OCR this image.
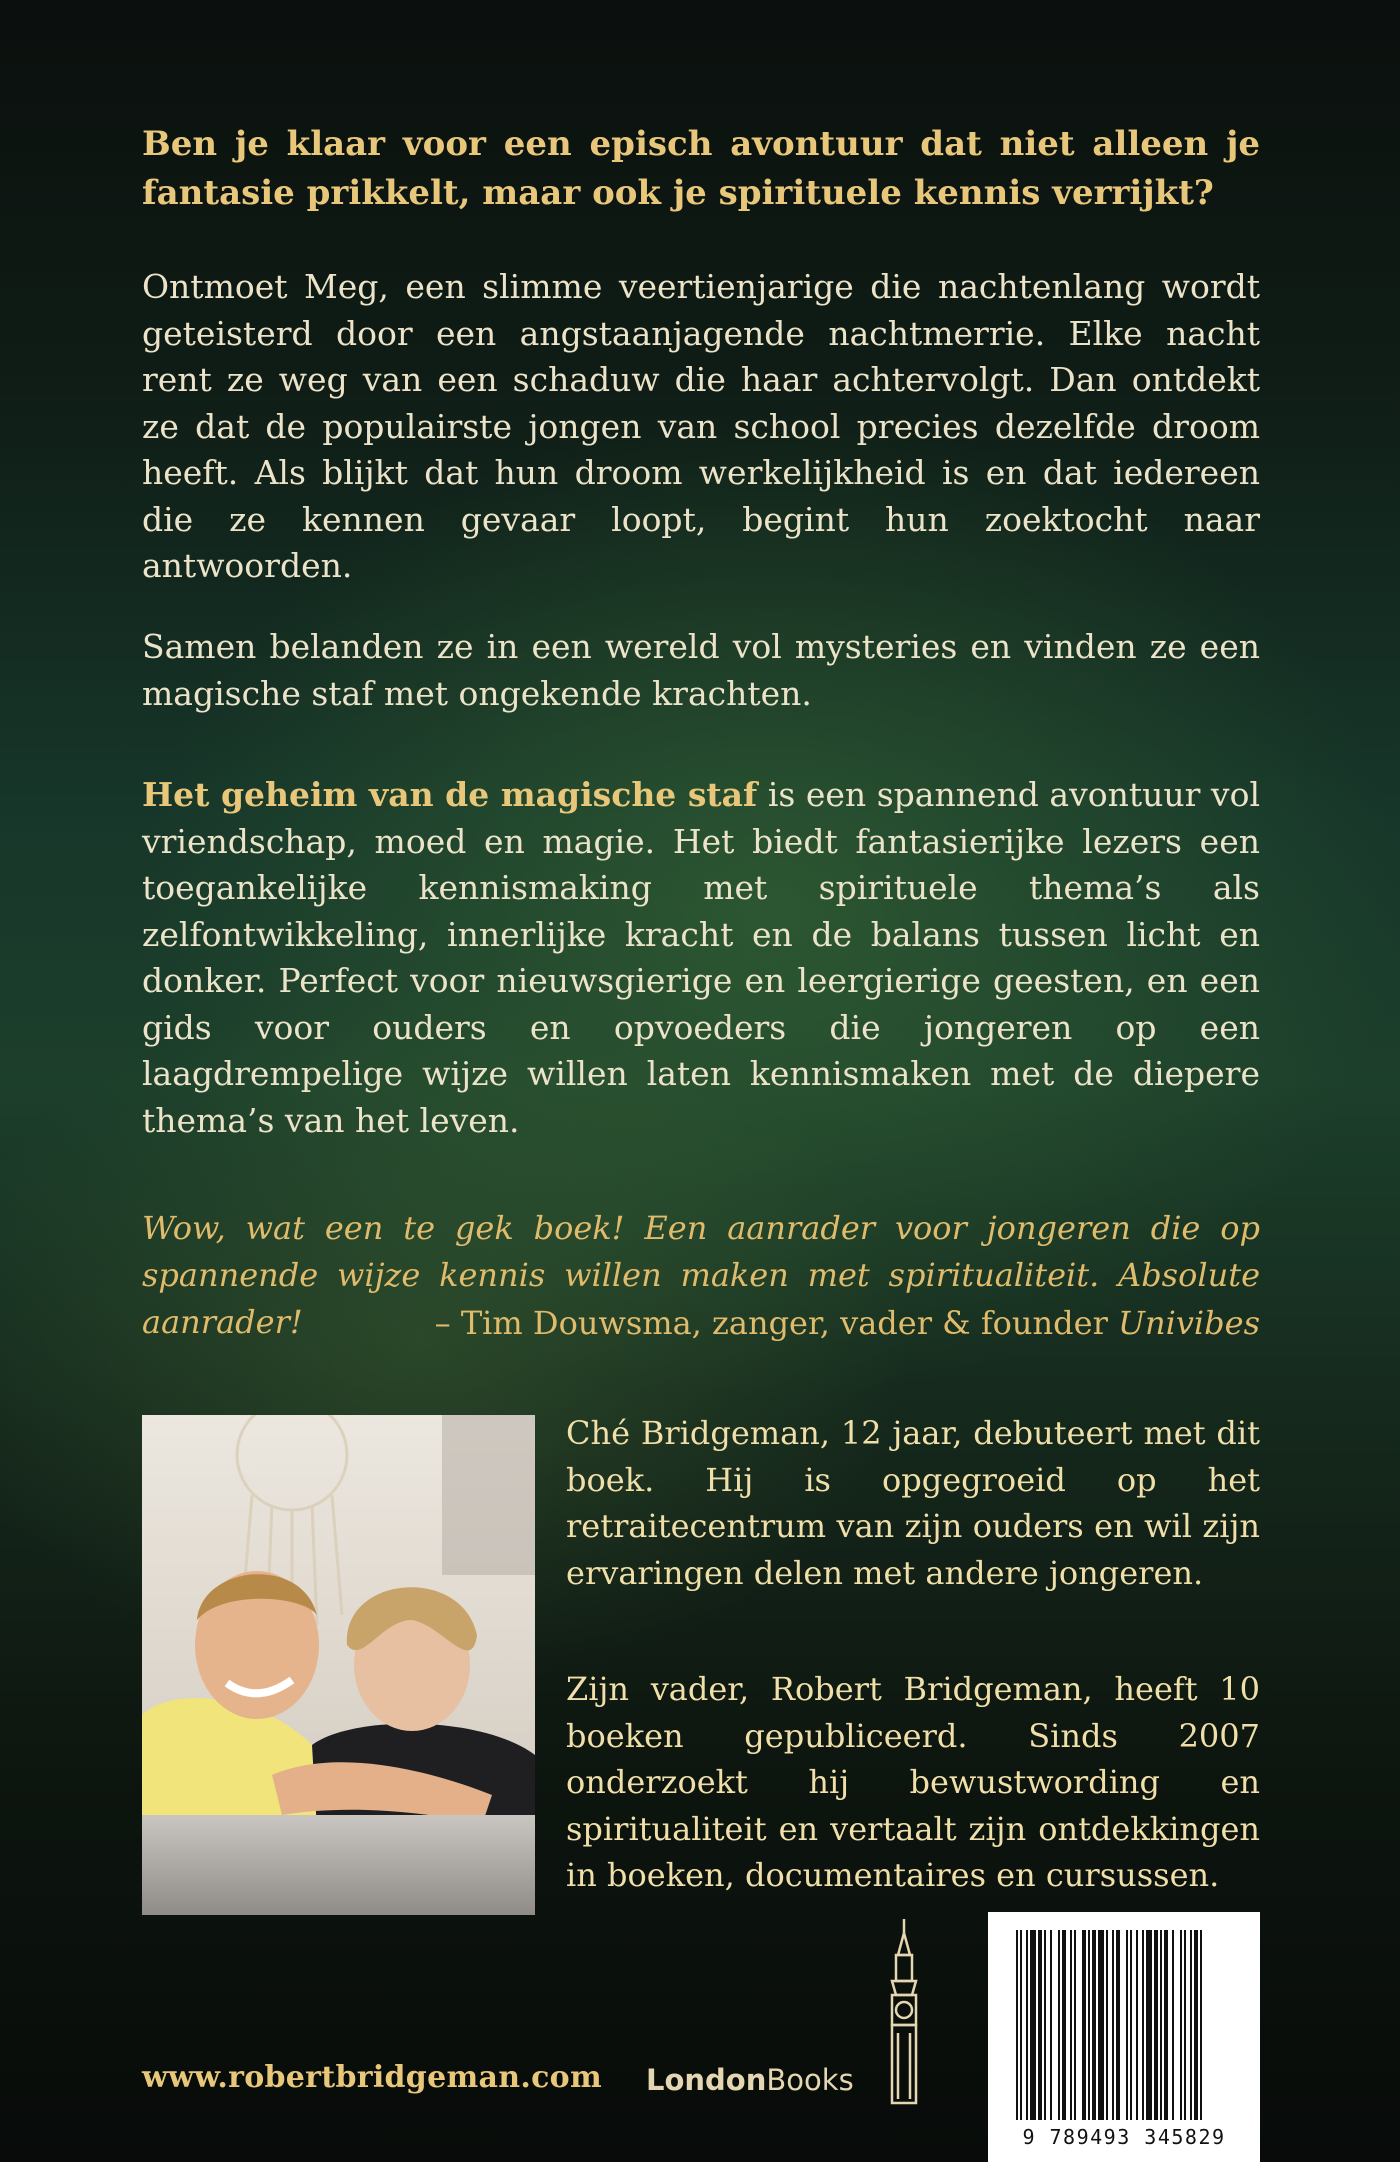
Ben je klaar voor een episch avontuur dat niet alleen je fantasie prikkelt, maar ook je spirituele kennis verrijkt?
Ontmoet Meg, een slimme veertienjarige die nachtenlang wordt geteisterd door een angstaanjagende nachtmerrie. Elke nacht rent ze weg van een schaduw die haar achtervolgt. Dan ontdekt ze dat de populairste jongen van school precies dezelfde droom heeft. Als blijkt dat hun droom werkelijkheid is en dat iedereen die ze kennen gevaar loopt, begint hun zoektocht naar antwoorden.
Samen belanden ze in een wereld vol mysteries en vinden ze een magische staf met ongekende krachten.
Het geheim van de magische staf is een spannend avontuur vol vriendschap, moed en magie. Het biedt fantasierijke lezers een toegankelijke kennismaking met spirituele thema’s als zelfontwikkeling, innerlijke kracht en de balans tussen licht en donker. Perfect voor nieuwsgierige en leergierige geesten, en een gids voor ouders en opvoeders die jongeren op een laagdrempelige wijze willen laten kennismaken met de diepere thema’s van het leven.
Wow, wat een te gek boek! Een aanrader voor jongeren die op spannende wijze kennis willen maken met spiritualiteit. Absolute aanrader!	– Tim Douwsma, zanger, vader & founder Univibes
Ché Bridgeman, 12 jaar, debuteert met dit boek. Hij is opgegroeid op het retraitecentrum van zijn ouders en wil zijn ervaringen delen met andere jongeren.
Zijn vader, Robert Bridgeman, heeft 10 boeken gepubliceerd. Sinds 2007 onderzoekt hij bewustwording en spiritualiteit en vertaalt zijn ontdekkingen in boeken, documentaires en cursussen.
www.robertbridgeman.com LondonBooks
9 789493 345829
